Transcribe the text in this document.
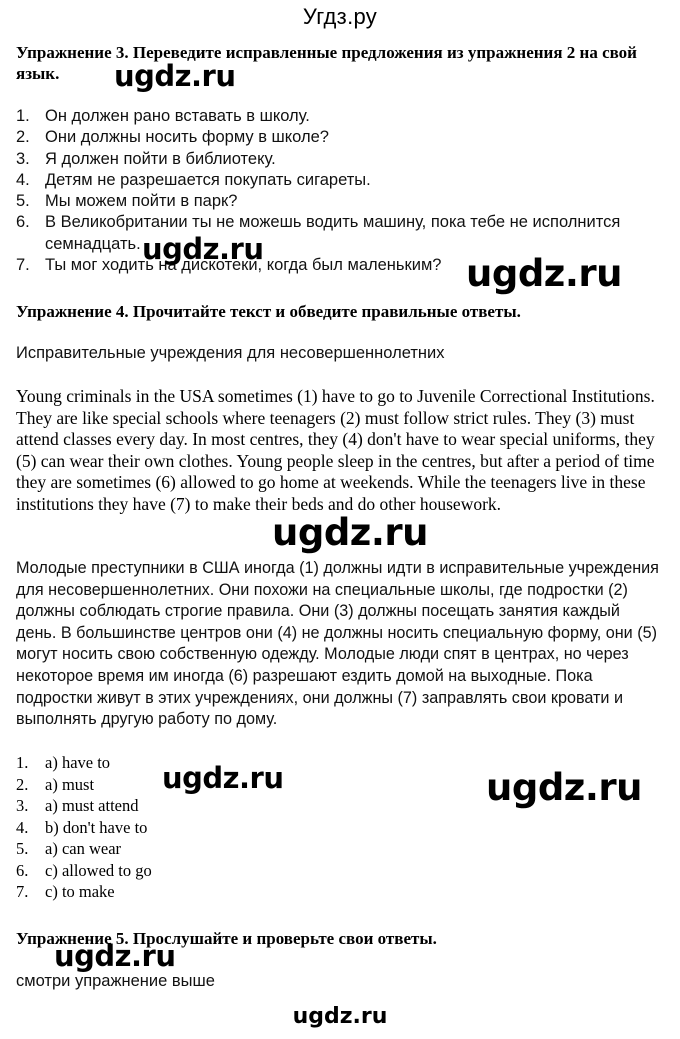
Угдз.ру
Упражнение 3. Переведите исправленные предложения из упражнения 2 на свой язык.
1. Он должен рано вставать в школу.
2. Они должны носить форму в школе?
3. Я должен пойти в библиотеку.
4. Детям не разрешается покупать сигареты.
5. Мы можем пойти в парк?
6. В Великобритании ты не можешь водить машину, пока тебе не исполнится семнадцать.
7. Ты мог ходить на дискотеки, когда был маленьким?
Упражнение 4. Прочитайте текст и обведите правильные ответы.
Исправительные учреждения для несовершеннолетних
Young criminals in the USA sometimes (1) have to go to Juvenile Correctional Institutions. They are like special schools where teenagers (2) must follow strict rules. They (3) must attend classes every day. In most centres, they (4) don't have to wear special uniforms, they (5) can wear their own clothes. Young people sleep in the centres, but after a period of time they are sometimes (6) allowed to go home at weekends. While the teenagers live in these institutions they have (7) to make their beds and do other housework.
Молодые преступники в США иногда (1) должны идти в исправительные учреждения для несовершеннолетних. Они похожи на специальные школы, где подростки (2) должны соблюдать строгие правила. Они (3) должны посещать занятия каждый день. В большинстве центров они (4) не должны носить специальную форму, они (5) могут носить свою собственную одежду. Молодые люди спят в центрах, но через некоторое время им иногда (6) разрешают ездить домой на выходные. Пока подростки живут в этих учреждениях, они должны (7) заправлять свои кровати и выполнять другую работу по дому.
1.	a) have to
2.	a) must
3.	a) must attend
4.	b) don't have to
5.	a) can wear
6.	c) allowed to go
7.	c) to make
Упражнение 5. Прослушайте и проверьте свои ответы.
смотри упражнение выше
ugdz.ru
ugdz.ru
ugdz.ru
ugdz.ru
ugdz.ru	ugdz.ru
ugdz.ru
ugdz.ru
